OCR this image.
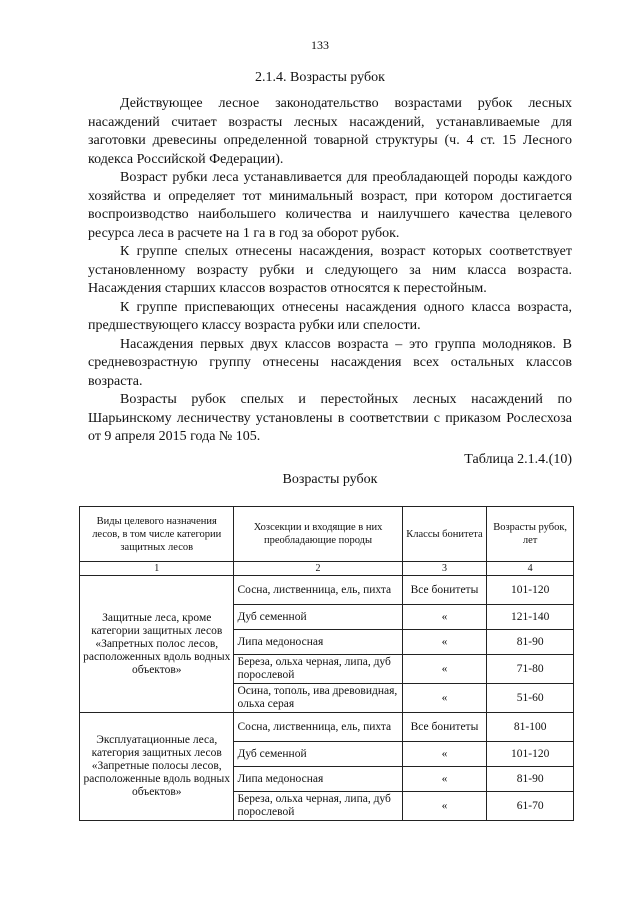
133
2.1.4. Возрасты рубок

Действующее лесное законодательство возрастами рубок лесных насаждений считает возрасты лесных насаждений, устанавливаемые для заготовки древесины определенной товарной структуры (ч. 4 ст. 15 Лесного кодекса Российской Федерации).

Возраст рубки леса устанавливается для преобладающей породы каждого хозяйства и определяет тот минимальный возраст, при котором достигается воспроизводство наибольшего количества и наилучшего качества целевого ресурса леса в расчете на 1 га в год за оборот рубок.

К группе спелых отнесены насаждения, возраст которых соответствует установленному возрасту рубки и следующего за ним класса возраста. Насаждения старших классов возрастов относятся к перестойным.

К группе приспевающих отнесены насаждения одного класса возраста, предшествующего классу возраста рубки или спелости.

Насаждения первых двух классов возраста – это группа молодняков. В средневозрастную группу отнесены насаждения всех остальных классов возраста.

Возрасты рубок спелых и перестойных лесных насаждений по Шарьинскому лесничеству установлены в соответствии с приказом Рослесхоза от 9 апреля 2015 года № 105.

Таблица 2.1.4.(10)
Возрасты рубок
Виды целевого назначения лесов, в том числе категории защитных лесов	Хозсекции и входящие в них преобладающие породы	Классы бонитета	Возрасты рубок, лет
1	2	3	4
Защитные леса, кроме категории защитных лесов «Запретных полос лесов, расположенных вдоль водных объектов»	Сосна, лиственница, ель, пихта	Все бонитеты	101-120
	Дуб семенной	«	121-140
	Липа медоносная	«	81-90
	Береза, ольха черная, липа, дуб порослевой	«	71-80
	Осина, тополь, ива древовидная, ольха серая	«	51-60
Эксплуатационные леса, категория защитных лесов «Запретные полосы лесов, расположенные вдоль водных объектов»	Сосна, лиственница, ель, пихта	Все бонитеты	81-100
	Дуб семенной	«	101-120
	Липа медоносная	«	81-90
	Береза, ольха черная, липа, дуб порослевой	«	61-70
